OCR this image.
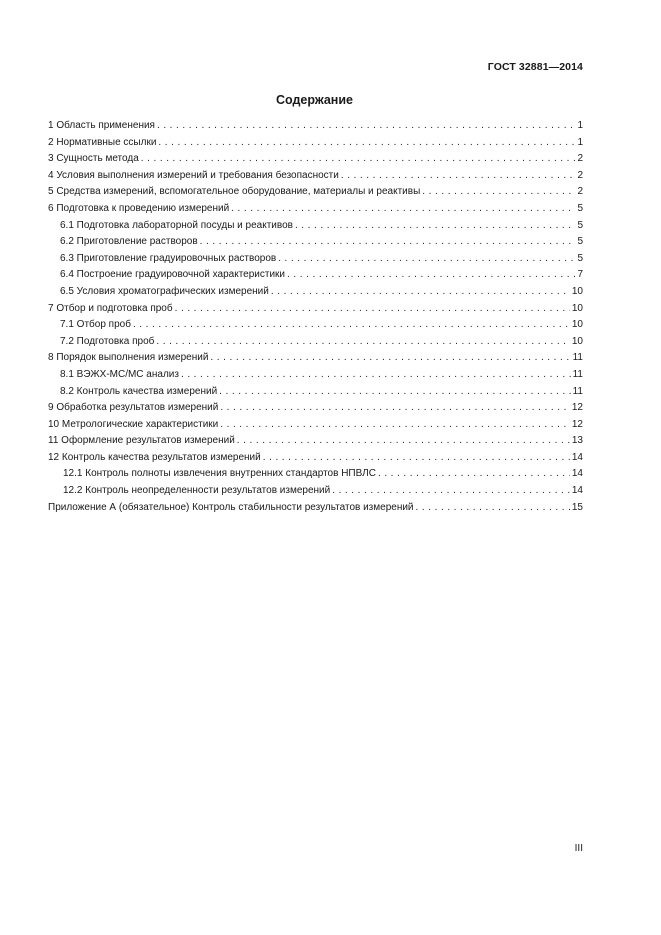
ГОСТ 32881—2014
Содержание
1 Область применения . . .	1
2 Нормативные ссылки . . .	1
3 Сущность метода . . .	2
4 Условия выполнения измерений и требования безопасности . . .	2
5 Средства измерений, вспомогательное оборудование, материалы и реактивы . . .	2
6 Подготовка к проведению измерений . . .	5
6.1 Подготовка лабораторной посуды и реактивов . . .	5
6.2 Приготовление растворов . . .	5
6.3 Приготовление градуировочных растворов . . .	5
6.4 Построение градуировочной характеристики . . .	7
6.5 Условия хроматографических измерений . . .	10
7 Отбор и подготовка проб . . .	10
7.1 Отбор проб . . .	10
7.2 Подготовка проб . . .	10
8 Порядок выполнения измерений . . .	11
8.1 ВЭЖХ-МС/МС анализ . . .	11
8.2 Контроль качества измерений . . .	11
9 Обработка результатов измерений . . .	12
10 Метрологические характеристики . . .	12
11 Оформление результатов измерений . . .	13
12 Контроль качества результатов измерений . . .	14
12.1 Контроль полноты извлечения внутренних стандартов НПВЛС . . .	14
12.2 Контроль неопределенности результатов измерений . . .	14
Приложение А (обязательное) Контроль стабильности результатов измерений . . .	15
III
